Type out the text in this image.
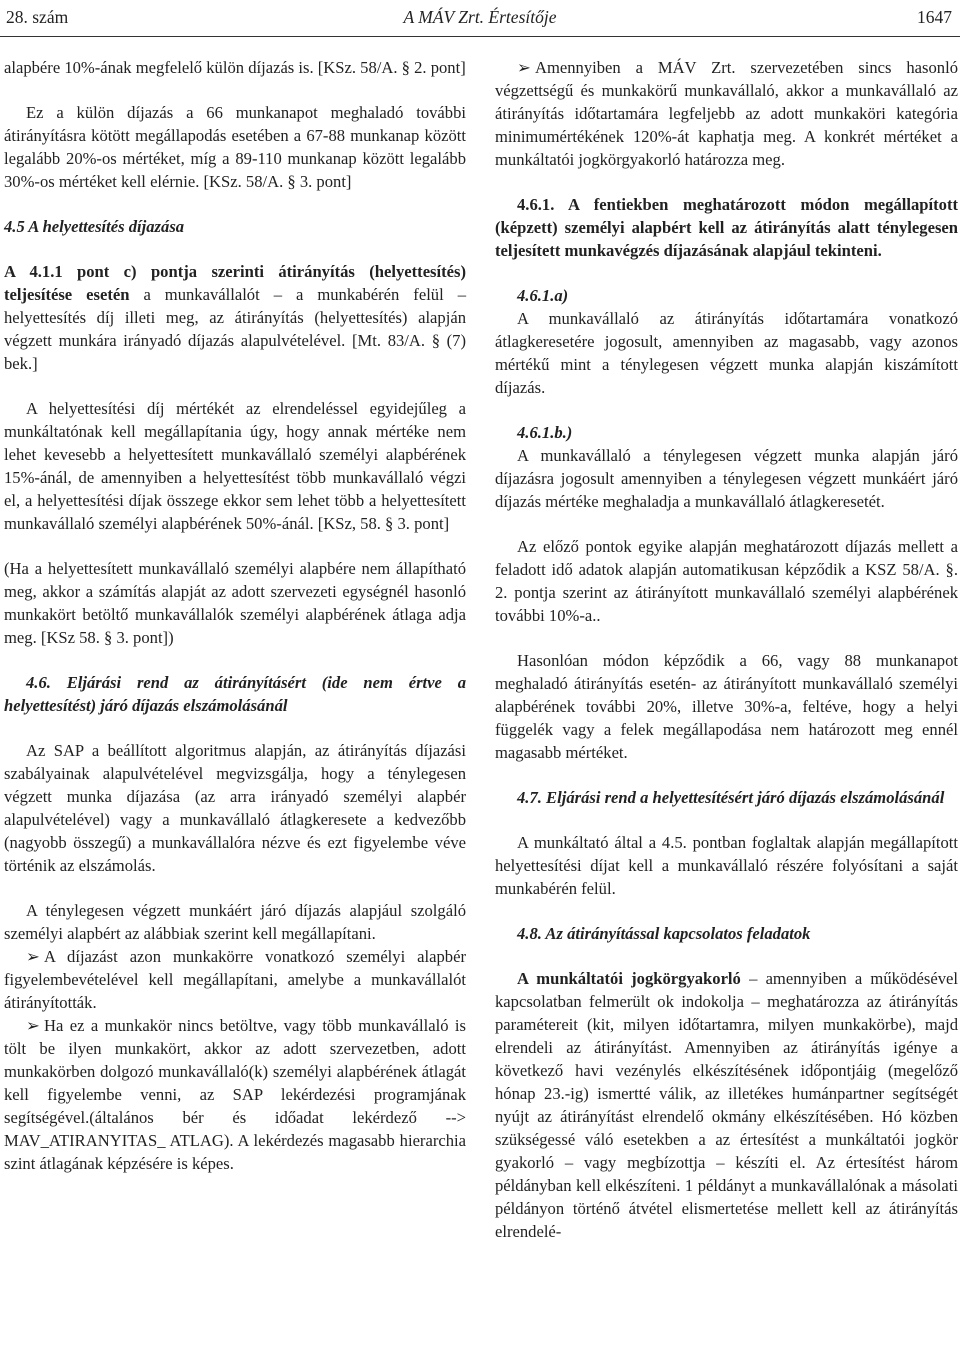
28. szám	A MÁV Zrt. Értesítője	1647

alapbére 10%-ának megfelelő külön díjazás is. [KSz. 58/A. § 2. pont]

Ez a külön díjazás a 66 munkanapot meghaladó további átirányításra kötött megállapodás esetében a 67-88 munkanap között legalább 20%-os mértéket, míg a 89-110 munkanap között legalább 30%-os mértéket kell elérnie. [KSz. 58/A. § 3. pont]

4.5 A helyettesítés díjazása

A 4.1.1 pont c) pontja szerinti átirányítás (helyettesítés) teljesítése esetén a munkavállalót – a munkabérén felül – helyettesítés díj illeti meg, az átirányítás (helyettesítés) alapján végzett munkára irányadó díjazás alapulvételével. [Mt. 83/A. § (7) bek.]

A helyettesítési díj mértékét az elrendeléssel egyidejűleg a munkáltatónak kell megállapítania úgy, hogy annak mértéke nem lehet kevesebb a helyettesített munkavállaló személyi alapbérének 15%-ánál, de amennyiben a helyettesítést több munkavállaló végzi el, a helyettesítési díjak összege ekkor sem lehet több a helyettesített munkavállaló személyi alapbérének 50%-ánál. [KSz, 58. § 3. pont]

(Ha a helyettesített munkavállaló személyi alapbére nem állapítható meg, akkor a számítás alapját az adott szervezeti egységnél hasonló munkakört betöltő munkavállalók személyi alapbérének átlaga adja meg. [KSz 58. § 3. pont])

4.6. Eljárási rend az átirányításért (ide nem értve a helyettesítést) járó díjazás elszámolásánál

Az SAP a beállított algoritmus alapján, az átirányítás díjazási szabályainak alapulvételével megvizsgálja, hogy a ténylegesen végzett munka díjazása (az arra irányadó személyi alapbér alapulvételével) vagy a munkavállaló átlagkeresete a kedvezőbb (nagyobb összegű) a munkavállalóra nézve és ezt figyelembe véve történik az elszámolás.

A ténylegesen végzett munkáért járó díjazás alapjául szolgáló személyi alapbért az alábbiak szerint kell megállapítani.

➢ A díjazást azon munkakörre vonatkozó személyi alapbér figyelembevételével kell megállapítani, amelybe a munkavállalót átirányították.

➢ Ha ez a munkakör nincs betöltve, vagy több munkavállaló is tölt be ilyen munkakört, akkor az adott szervezetben, adott munkakörben dolgozó munkavállaló(k) személyi alapbérének átlagát kell figyelembe venni, az SAP lekérdezési programjának segítségével.(általános bér és időadat lekérdező --> MAV_ATIRANYITAS_ ATLAG). A lekérdezés magasabb hierarchia szint átlagának képzésére is képes.

➢ Amennyiben a MÁV Zrt. szervezetében sincs hasonló végzettségű és munkakörű munkavállaló, akkor a munkavállaló az átirányítás időtartamára legfeljebb az adott munkaköri kategória minimumértékének 120%-át kaphatja meg. A konkrét mértéket a munkáltatói jogkörgyakorló határozza meg.

4.6.1. A fentiekben meghatározott módon megállapított (képzett) személyi alapbért kell az átirányítás alatt ténylegesen teljesített munkavégzés díjazásának alapjául tekinteni.

4.6.1.a)

A munkavállaló az átirányítás időtartamára vonatkozó átlagkeresetére jogosult, amennyiben az magasabb, vagy azonos mértékű mint a ténylegesen végzett munka alapján kiszámított díjazás.

4.6.1.b.)

A munkavállaló a ténylegesen végzett munka alapján járó díjazásra jogosult amennyiben a ténylegesen végzett munkáért járó díjazás mértéke meghaladja a munkavállaló átlagkeresetét.

Az előző pontok egyike alapján meghatározott díjazás mellett a feladott idő adatok alapján automatikusan képződik a KSZ 58/A. §. 2. pontja szerint az átirányított munkavállaló személyi alapbérének további 10%-a..

Hasonlóan módon képződik a 66, vagy 88 munkanapot meghaladó átirányítás esetén- az átirányított munkavállaló személyi alapbérének további 20%, illetve 30%-a, feltéve, hogy a helyi függelék vagy a felek megállapodása nem határozott meg ennél magasabb mértéket.

4.7. Eljárási rend a helyettesítésért járó díjazás elszámolásánál

A munkáltató által a 4.5. pontban foglaltak alapján megállapított helyettesítési díjat kell a munkavállaló részére folyósítani a saját munkabérén felül.

4.8. Az átirányítással kapcsolatos feladatok

A munkáltatói jogkörgyakorló – amennyiben a működésével kapcsolatban felmerült ok indokolja – meghatározza az átirányítás paramétereit (kit, milyen időtartamra, milyen munkakörbe), majd elrendeli az átirányítást. Amennyiben az átirányítás igénye a következő havi vezénylés elkészítésének időpontjáig (megelőző hónap 23.-ig) ismertté válik, az illetékes humánpartner segítségét nyújt az átirányítást elrendelő okmány elkészítésében. Hó közben szükségessé váló esetekben a az értesítést a munkáltatói jogkör gyakorló – vagy megbízottja – készíti el. Az értesítést három példányban kell elkészíteni. 1 példányt a munkavállalónak a másolati példányon történő átvétel elismertetése mellett kell az átirányítás elrendelé-
